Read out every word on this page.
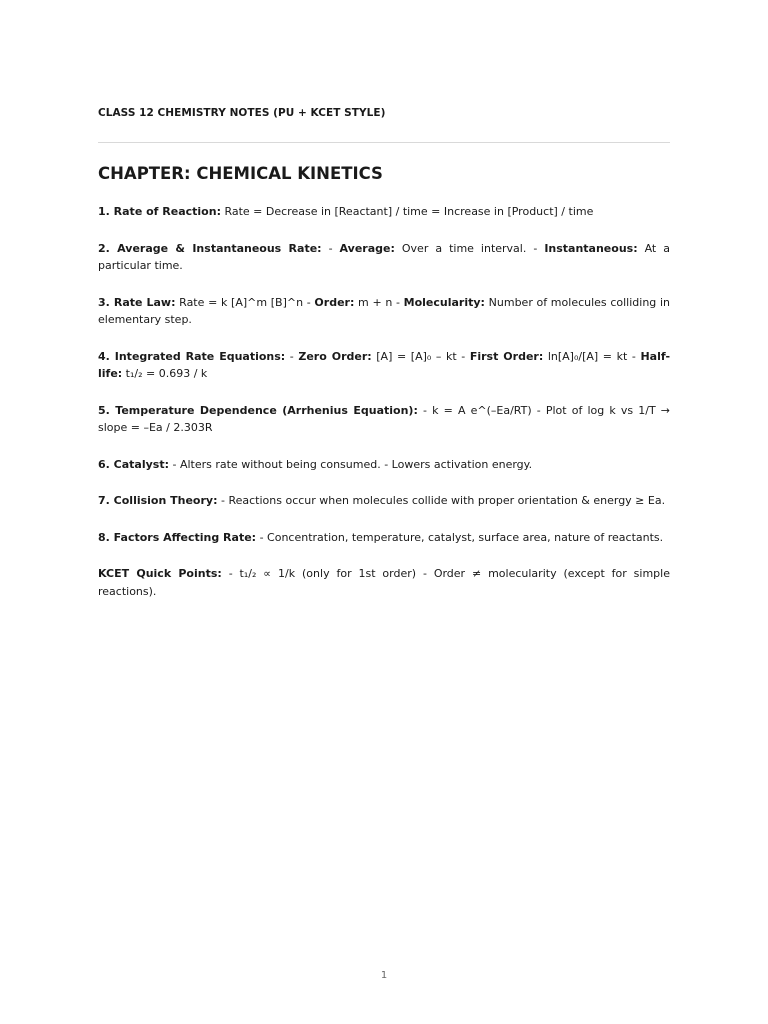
CLASS 12 CHEMISTRY NOTES (PU + KCET STYLE)
CHAPTER: CHEMICAL KINETICS

1. Rate of Reaction: Rate = Decrease in [Reactant] / time = Increase in [Product] / time

2. Average & Instantaneous Rate: - Average: Over a time interval. - Instantaneous: At a particular time.

3. Rate Law: Rate = k [A]^m [B]^n - Order: m + n - Molecularity: Number of molecules colliding in elementary step.

4. Integrated Rate Equations: - Zero Order: [A] = [A]₀ – kt - First Order: ln[A]₀/[A] = kt - Half-life: t₁/₂ = 0.693 / k

5. Temperature Dependence (Arrhenius Equation): - k = A e^(–Ea/RT) - Plot of log k vs 1/T → slope = –Ea / 2.303R

6. Catalyst: - Alters rate without being consumed. - Lowers activation energy.

7. Collision Theory: - Reactions occur when molecules collide with proper orientation & energy ≥ Ea.

8. Factors Affecting Rate: - Concentration, temperature, catalyst, surface area, nature of reactants.

KCET Quick Points: - t₁/₂ ∝ 1/k (only for 1st order) - Order ≠ molecularity (except for simple reactions).

1
